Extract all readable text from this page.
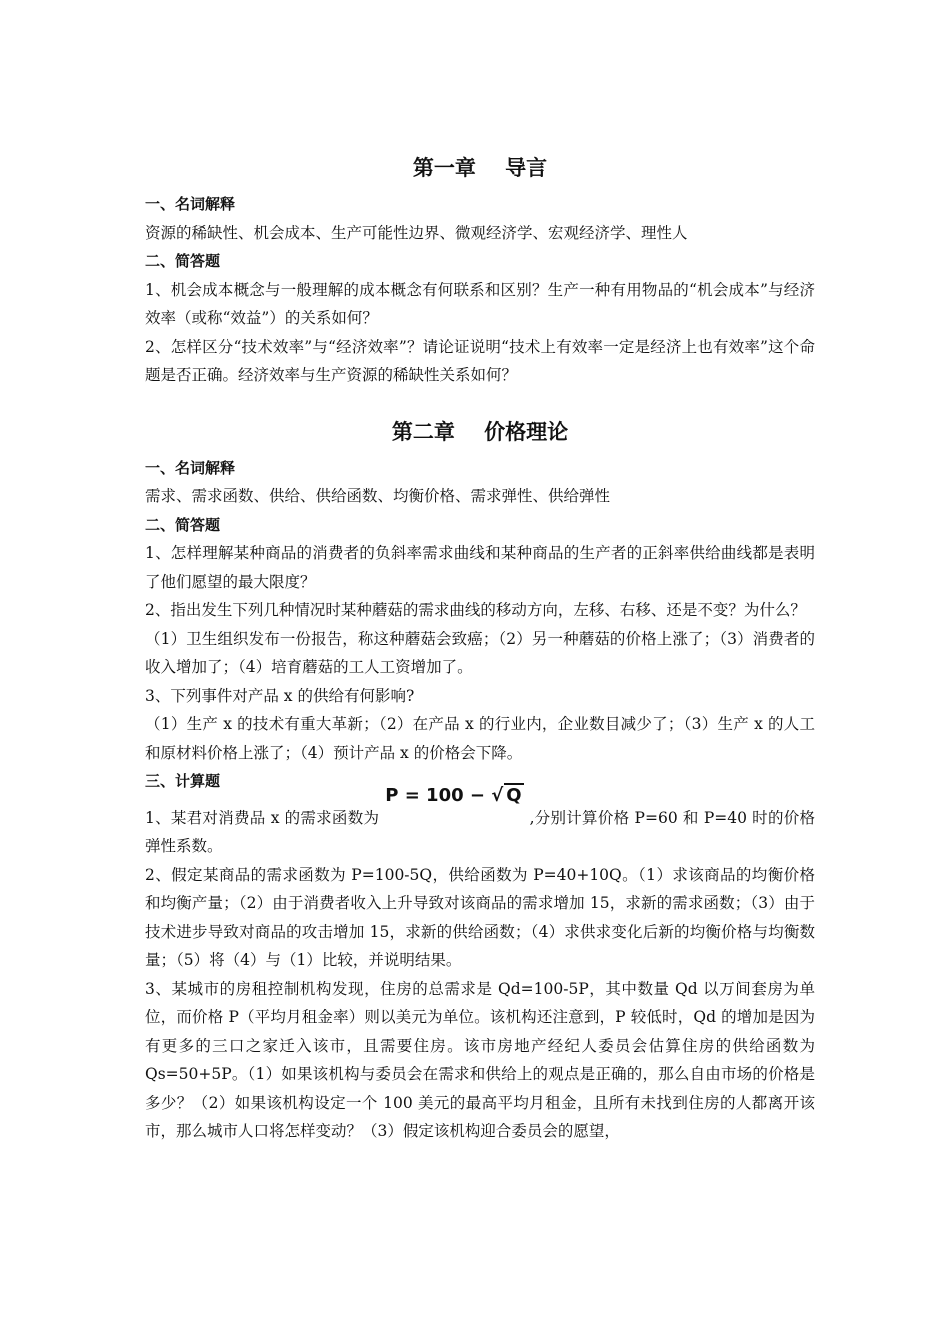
第一章    导言
一、名词解释

资源的稀缺性、机会成本、生产可能性边界、微观经济学、宏观经济学、理性人

二、简答题

1、机会成本概念与一般理解的成本概念有何联系和区别？生产一种有用物品的“机会成本”与经济效率（或称“效益”）的关系如何？

2、怎样区分“技术效率”与“经济效率”？请论证说明“技术上有效率一定是经济上也有效率”这个命题是否正确。经济效率与生产资源的稀缺性关系如何？

第二章    价格理论
一、名词解释

需求、需求函数、供给、供给函数、均衡价格、需求弹性、供给弹性

二、简答题

1、怎样理解某种商品的消费者的负斜率需求曲线和某种商品的生产者的正斜率供给曲线都是表明了他们愿望的最大限度？

2、指出发生下列几种情况时某种蘑菇的需求曲线的移动方向，左移、右移、还是不变？为什么？

（1）卫生组织发布一份报告，称这种蘑菇会致癌；（2）另一种蘑菇的价格上涨了；（3）消费者的收入增加了；（4）培育蘑菇的工人工资增加了。

3、下列事件对产品 x 的供给有何影响?

（1）生产 x 的技术有重大革新；（2）在产品 x 的行业内，企业数目减少了；（3）生产 x 的人工和原材料价格上涨了；（4）预计产品 x 的价格会下降。

三、计算题

1、某君对消费品 x 的需求函数为P = 100 − √ Q,分别计算价格 P=60 和 P=40 时的价格弹性系数。

2、假定某商品的需求函数为 P=100-5Q，供给函数为 P=40+10Q。（1）求该商品的均衡价格和均衡产量；（2）由于消费者收入上升导致对该商品的需求增加 15，求新的需求函数；（3）由于技术进步导致对商品的攻击增加 15，求新的供给函数；（4）求供求变化后新的均衡价格与均衡数量；（5）将（4）与（1）比较，并说明结果。

3、某城市的房租控制机构发现，住房的总需求是 Qd=100-5P，其中数量 Qd 以万间套房为单位，而价格 P（平均月租金率）则以美元为单位。该机构还注意到，P 较低时，Qd 的增加是因为有更多的三口之家迁入该市，且需要住房。该市房地产经纪人委员会估算住房的供给函数为 Qs=50+5P。（1）如果该机构与委员会在需求和供给上的观点是正确的，那么自由市场的价格是多少？（2）如果该机构设定一个 100 美元的最高平均月租金，且所有未找到住房的人都离开该市，那么城市人口将怎样变动？（3）假定该机构迎合委员会的愿望，
